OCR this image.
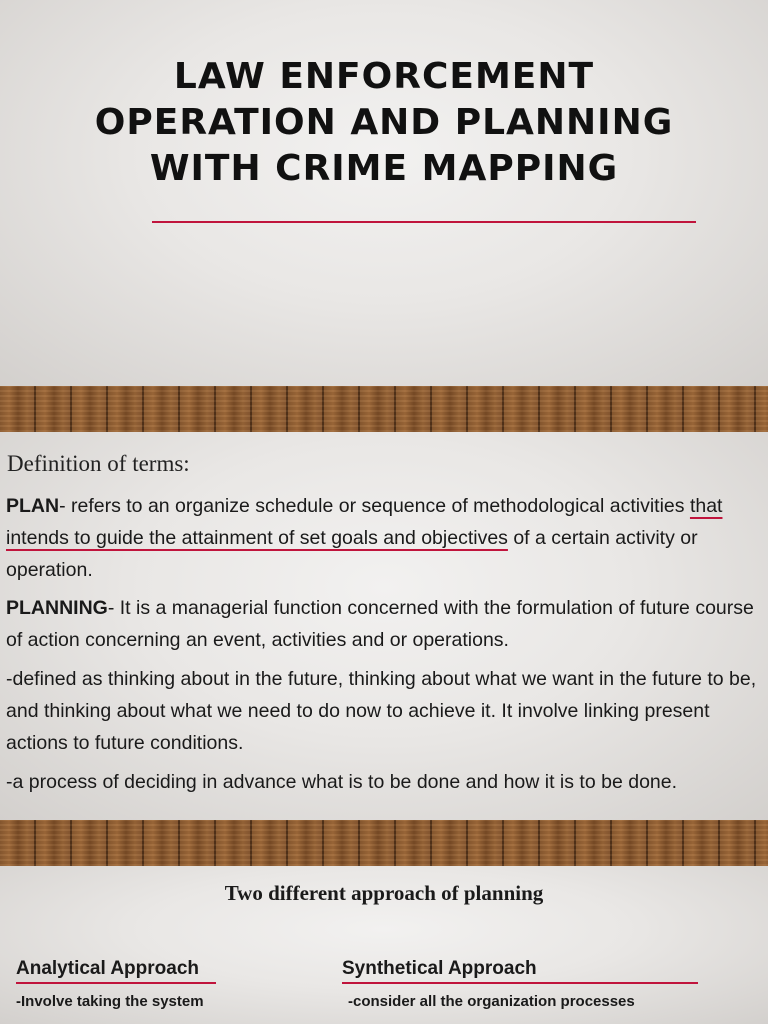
LAW ENFORCEMENT OPERATION AND PLANNING WITH CRIME MAPPING

Definition of terms:

PLAN- refers to an organize schedule or sequence of methodological activities that intends to guide the attainment of set goals and objectives of a certain activity or operation.

PLANNING- It is a managerial function concerned with the formulation of future course of action concerning an event, activities and or operations.

-defined as thinking about in the future, thinking about what we want in the future to be, and thinking about what we need to do now to achieve it. It involve linking present actions to future conditions.

-a process of deciding in advance what is to be done and how it is to be done.

Two different approach of planning

Analytical Approach	Synthetical Approach

-Involve taking the system	-consider all the organization processes
